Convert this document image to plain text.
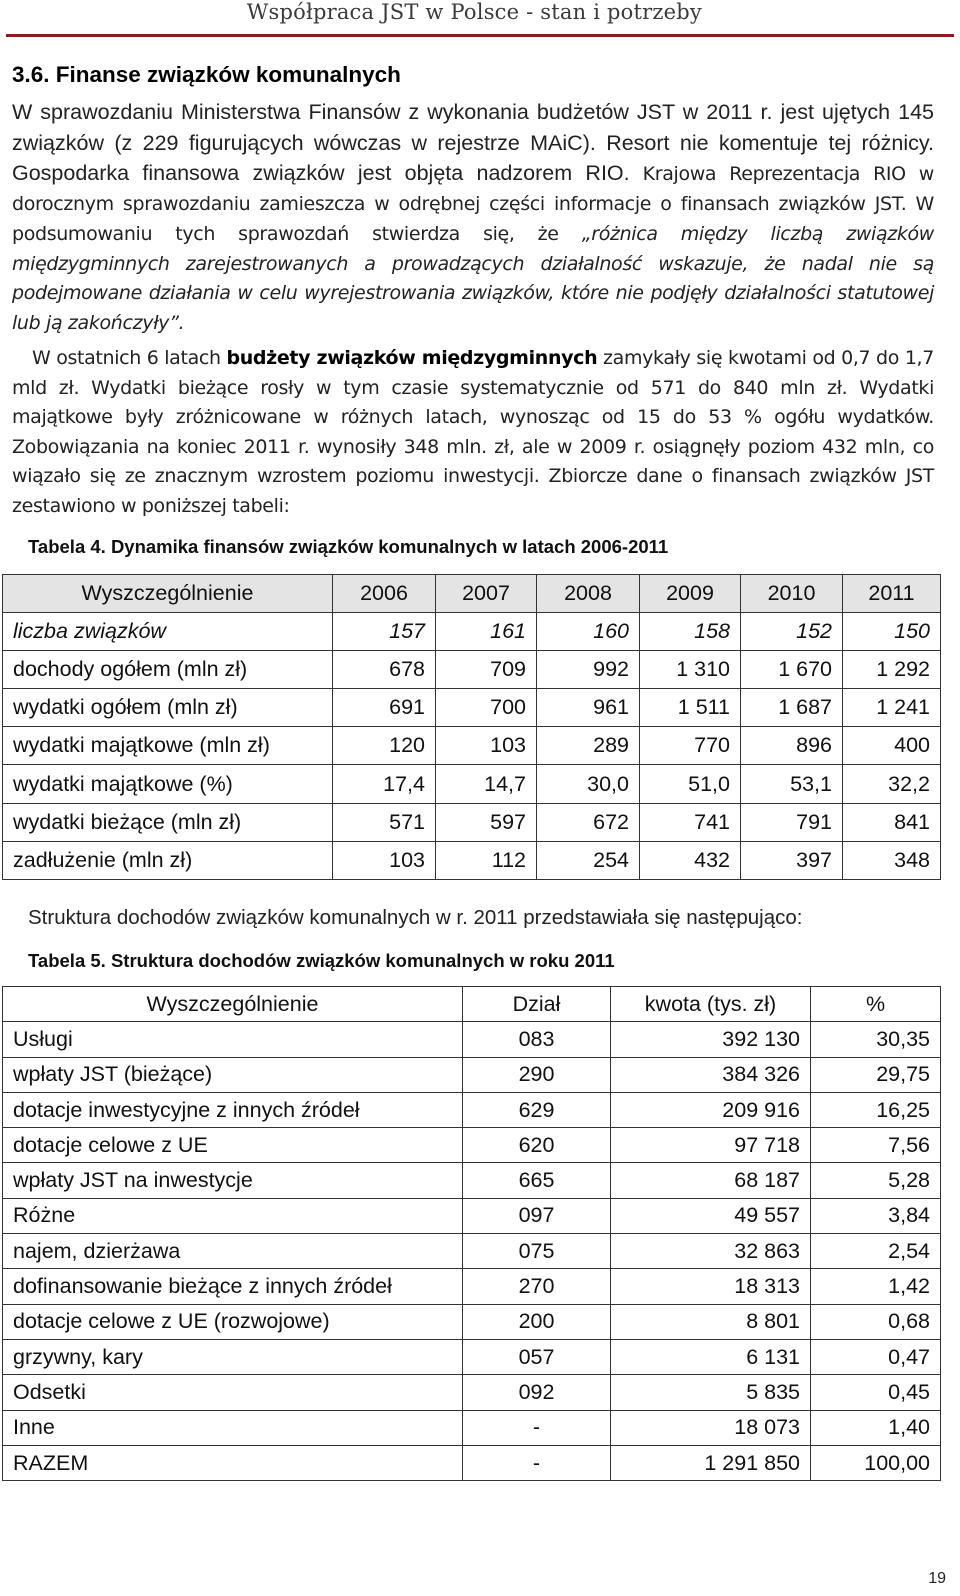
Współpraca JST w Polsce - stan i potrzeby
3.6. Finanse związków komunalnych

W sprawozdaniu Ministerstwa Finansów z wykonania budżetów JST w 2011 r. jest ujętych 145 związków (z 229 figurujących wówczas w rejestrze MAiC). Resort nie komentuje tej różnicy. Gospodarka finansowa związków jest objęta nadzorem RIO. Krajowa Reprezentacja RIO w dorocznym sprawozdaniu zamieszcza w odrębnej części informacje o finansach związków JST. W podsumowaniu tych sprawozdań stwierdza się, że „różnica między liczbą związków międzygminnych zarejestrowanych a prowadzących działalność wskazuje, że nadal nie są podejmowane działania w celu wyrejestrowania związków, które nie podjęły działalności statutowej lub ją zakończyły”.

W ostatnich 6 latach budżety związków międzygminnych zamykały się kwotami od 0,7 do 1,7 mld zł. Wydatki bieżące rosły w tym czasie systematycznie od 571 do 840 mln zł. Wydatki majątkowe były zróżnicowane w różnych latach, wynosząc od 15 do 53 % ogółu wydatków. Zobowiązania na koniec 2011 r. wynosiły 348 mln. zł, ale w 2009 r. osiągnęły poziom 432 mln, co wiązało się ze znacznym wzrostem poziomu inwestycji. Zbiorcze dane o finansach związków JST zestawiono w poniższej tabeli:

Tabela 4. Dynamika finansów związków komunalnych w latach 2006-2011

Wyszczególnienie	2006	2007	2008	2009	2010	2011
liczba związków	157	161	160	158	152	150
dochody ogółem (mln zł)	678	709	992	1 310	1 670	1 292
wydatki ogółem (mln zł)	691	700	961	1 511	1 687	1 241
wydatki majątkowe (mln zł)	120	103	289	770	896	400
wydatki majątkowe (%)	17,4	14,7	30,0	51,0	53,1	32,2
wydatki bieżące (mln zł)	571	597	672	741	791	841
zadłużenie (mln zł)	103	112	254	432	397	348

Struktura dochodów związków komunalnych w r. 2011 przedstawiała się następująco:

Tabela 5. Struktura dochodów związków komunalnych w roku 2011

Wyszczególnienie	Dział	kwota (tys. zł)	%
Usługi	083	392 130	30,35
wpłaty JST (bieżące)	290	384 326	29,75
dotacje inwestycyjne z innych źródeł	629	209 916	16,25
dotacje celowe z UE	620	97 718	7,56
wpłaty JST na inwestycje	665	68 187	5,28
Różne	097	49 557	3,84
najem, dzierżawa	075	32 863	2,54
dofinansowanie bieżące z innych źródeł	270	18 313	1,42
dotacje celowe z UE (rozwojowe)	200	8 801	0,68
grzywny, kary	057	6 131	0,47
Odsetki	092	5 835	0,45
Inne	-	18 073	1,40
RAZEM	-	1 291 850	100,00
19
